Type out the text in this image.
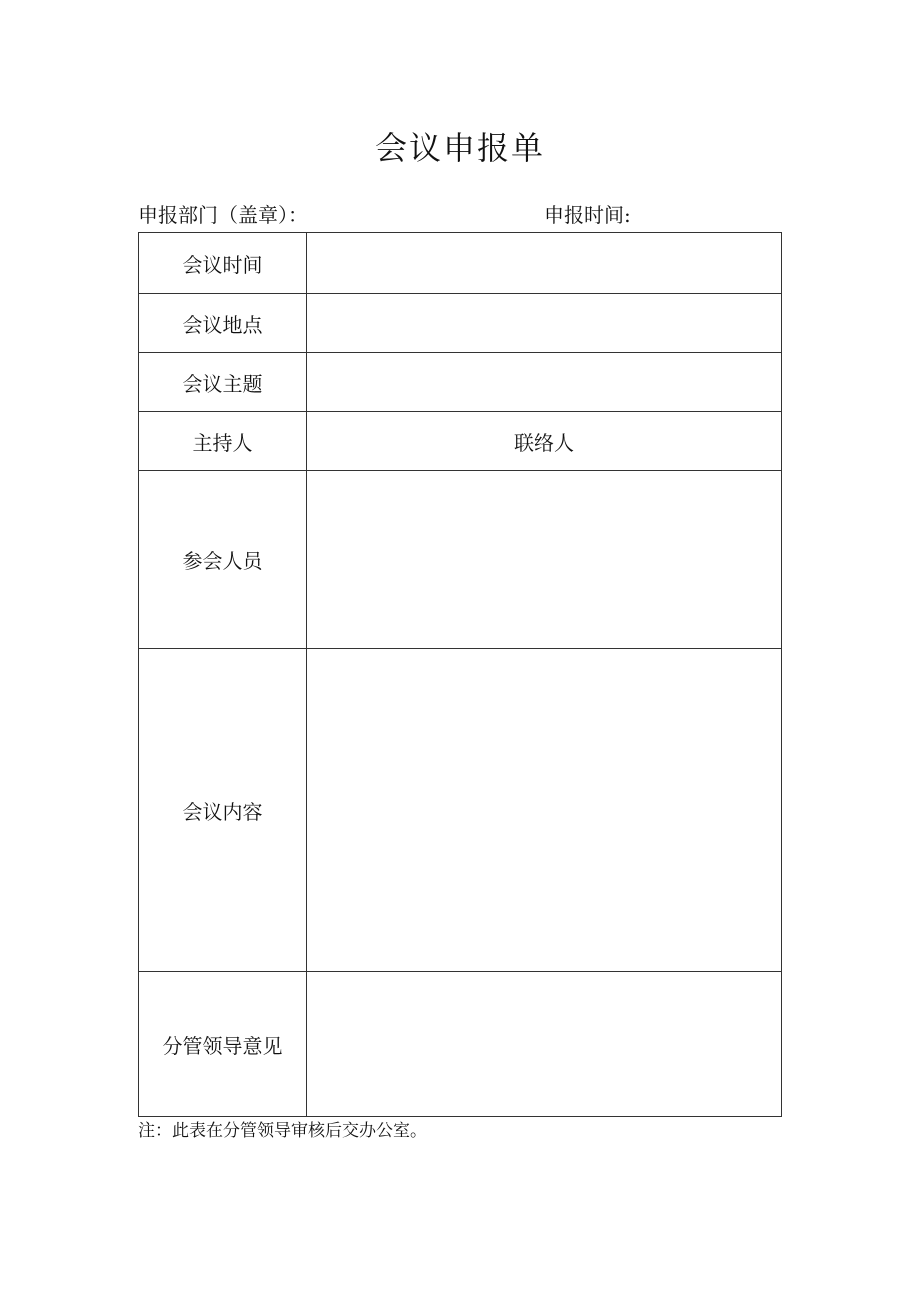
会议申报单
申报部门（盖章）：	申报时间:
会议时间	
会议地点	
会议主题	
主持人	联络人
参会人员	
会议内容	
分管领导意见	
注：此表在分管领导审核后交办公室。
